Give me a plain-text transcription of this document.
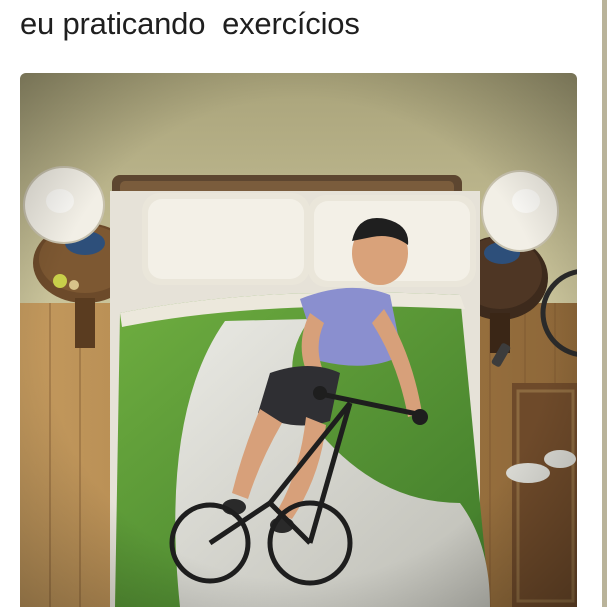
eu praticando  exercícios
